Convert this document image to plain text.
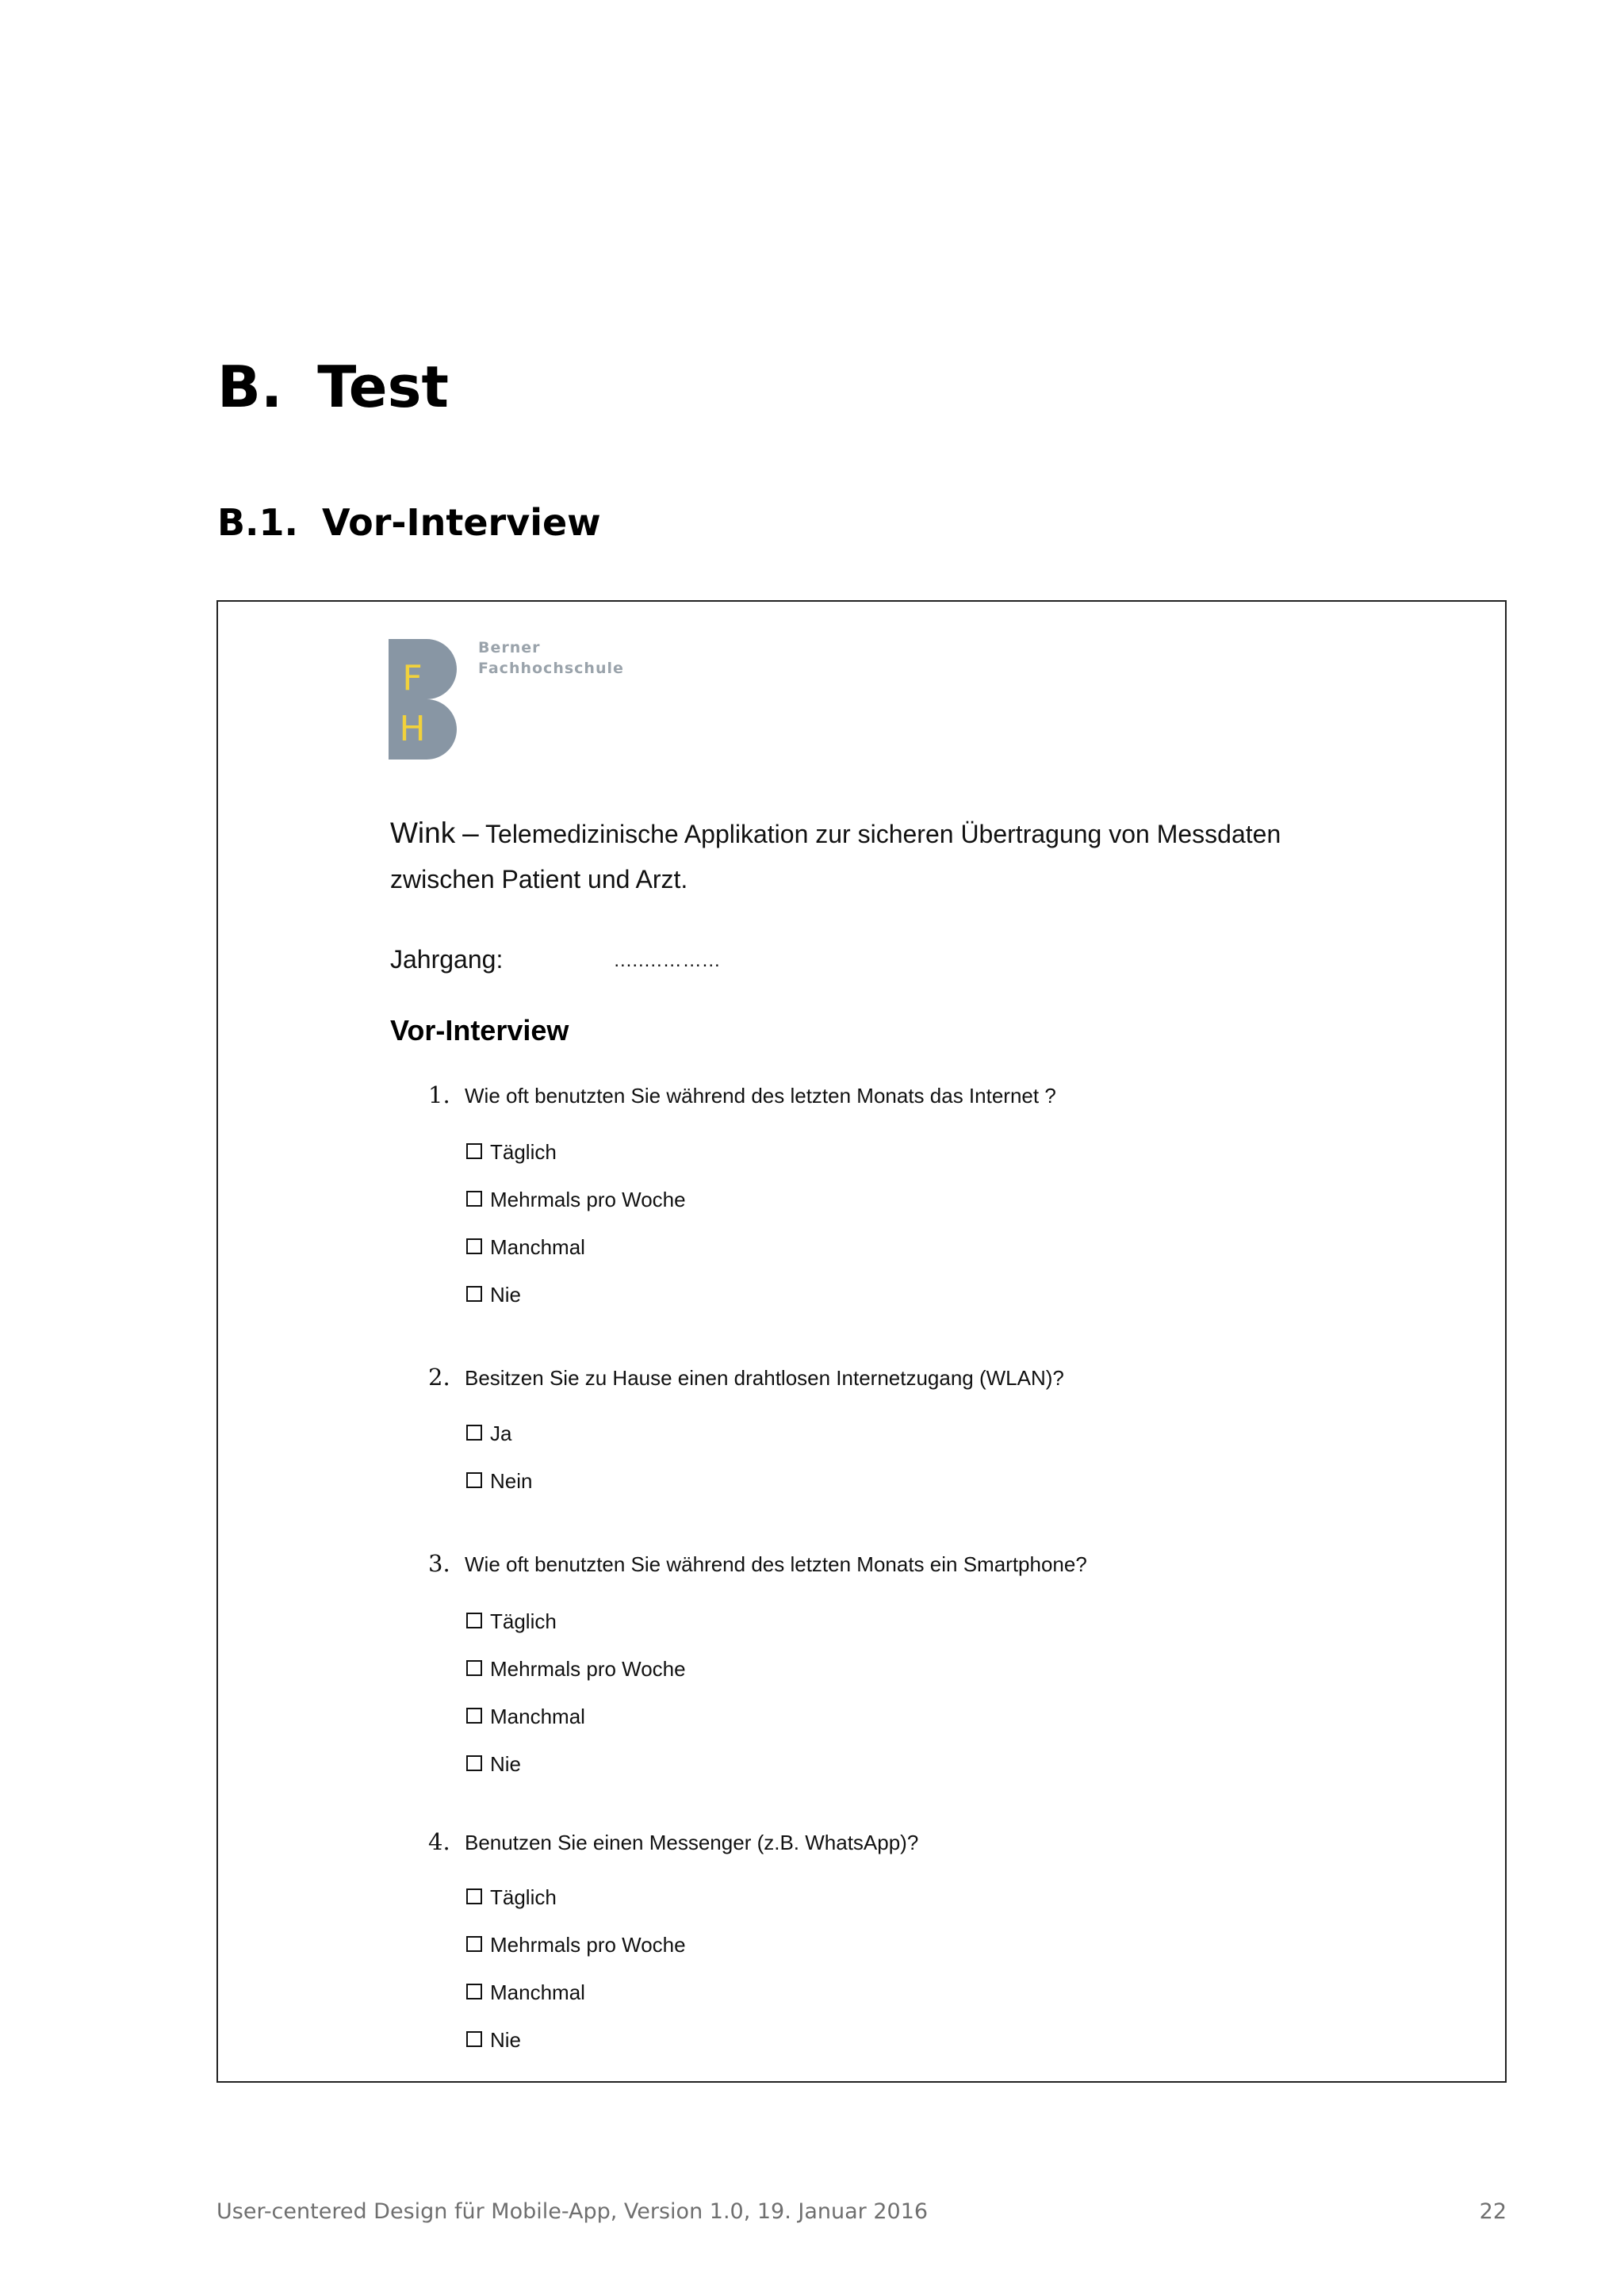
B. Test
B.1. Vor-Interview
F
H
Berner
Fachhochschule
Wink – Telemedizinische Applikation zur sicheren Übertragung von Messdaten
zwischen Patient und Arzt.
Jahrgang:	........……...
Vor-Interview
1. Wie oft benutzten Sie während des letzten Monats das Internet ?
Täglich
Mehrmals pro Woche
Manchmal
Nie
2. Besitzen Sie zu Hause einen drahtlosen Internetzugang (WLAN)?
Ja
Nein
3. Wie oft benutzten Sie während des letzten Monats ein Smartphone?
Täglich
Mehrmals pro Woche
Manchmal
Nie
4. Benutzen Sie einen Messenger (z.B. WhatsApp)?
Täglich
Mehrmals pro Woche
Manchmal
Nie
User-centered Design für Mobile-App, Version 1.0, 19. Januar 2016	22
